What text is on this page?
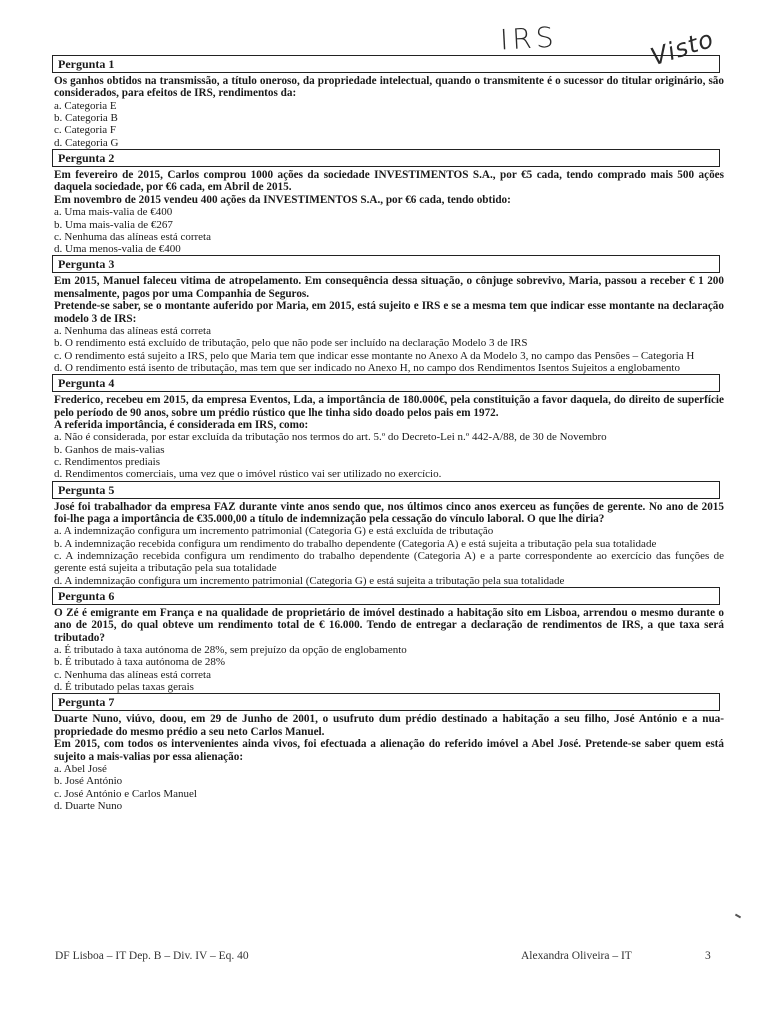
IRS	Visto
Pergunta 1

Os ganhos obtidos na transmissão, a título oneroso, da propriedade intelectual, quando o transmitente é o sucessor do titular originário, são considerados, para efeitos de IRS, rendimentos da:

a. Categoria E
b. Categoria B
c. Categoria F
d. Categoria G
Pergunta 2

Em fevereiro de 2015, Carlos comprou 1000 ações da sociedade INVESTIMENTOS S.A., por €5 cada, tendo comprado mais 500 ações daquela sociedade, por €6 cada, em Abril de 2015.

Em novembro de 2015 vendeu 400 ações da INVESTIMENTOS S.A., por €6 cada, tendo obtido:

a. Uma mais-valia de €400
b. Uma mais-valia de €267
c. Nenhuma das alíneas está correta
d. Uma menos-valia de €400
Pergunta 3

Em 2015, Manuel faleceu vitima de atropelamento. Em consequência dessa situação, o cônjuge sobrevivo, Maria, passou a receber € 1 200 mensalmente, pagos por uma Companhia de Seguros.

Pretende-se saber, se o montante auferido por Maria, em 2015, está sujeito e IRS e se a mesma tem que indicar esse montante na declaração modelo 3 de IRS:

a. Nenhuma das alíneas está correta
b. O rendimento está excluído de tributação, pelo que não pode ser incluído na declaração Modelo 3 de IRS
c. O rendimento está sujeito a IRS, pelo que Maria tem que indicar esse montante no Anexo A da Modelo 3, no campo das Pensões – Categoria H
d. O rendimento está isento de tributação, mas tem que ser indicado no Anexo H, no campo dos Rendimentos Isentos Sujeitos a englobamento
Pergunta 4

Frederico, recebeu em 2015, da empresa Eventos, Lda, a importância de 180.000€, pela constituição a favor daquela, do direito de superfície pelo período de 90 anos, sobre um prédio rústico que lhe tinha sido doado pelos pais em 1972.

A referida importância, é considerada em IRS, como:

a. Não é considerada, por estar excluída da tributação nos termos do art. 5.º do Decreto-Lei n.º 442-A/88, de 30 de Novembro
b. Ganhos de mais-valias
c. Rendimentos prediais
d. Rendimentos comerciais, uma vez que o imóvel rústico vai ser utilizado no exercício.
Pergunta 5

José foi trabalhador da empresa FAZ durante vinte anos sendo que, nos últimos cinco anos exerceu as funções de gerente. No ano de 2015 foi-lhe paga a importância de €35.000,00 a título de indemnização pela cessação do vínculo laboral. O que lhe diria?

a. A indemnização configura um incremento patrimonial (Categoria G) e está excluída de tributação
b. A indemnização recebida configura um rendimento do trabalho dependente (Categoria A) e está sujeita a tributação pela sua totalidade
c. A indemnização recebida configura um rendimento do trabalho dependente (Categoria A) e a parte correspondente ao exercício das funções de gerente está sujeita a tributação pela sua totalidade
d. A indemnização configura um incremento patrimonial (Categoria G) e está sujeita a tributação pela sua totalidade
Pergunta 6

O Zé é emigrante em França e na qualidade de proprietário de imóvel destinado a habitação sito em Lisboa, arrendou o mesmo durante o ano de 2015, do qual obteve um rendimento total de € 16.000. Tendo de entregar a declaração de rendimentos de IRS, a que taxa será tributado?

a. É tributado à taxa autónoma de 28%, sem prejuízo da opção de englobamento
b. É tributado à taxa autónoma de 28%
c. Nenhuma das alíneas está correta
d. É tributado pelas taxas gerais
Pergunta 7

Duarte Nuno, viúvo, doou, em 29 de Junho de 2001, o usufruto dum prédio destinado a habitação a seu filho, José António e a nua-propriedade do mesmo prédio a seu neto Carlos Manuel.

Em 2015, com todos os intervenientes ainda vivos, foi efectuada a alienação do referido imóvel a Abel José. Pretende-se saber quem está sujeito a mais-valias por essa alienação:

a. Abel José
b. José António
c. José António e Carlos Manuel
d. Duarte Nuno
DF Lisboa – IT Dep. B – Div. IV – Eq. 40	Alexandra Oliveira – IT	3
